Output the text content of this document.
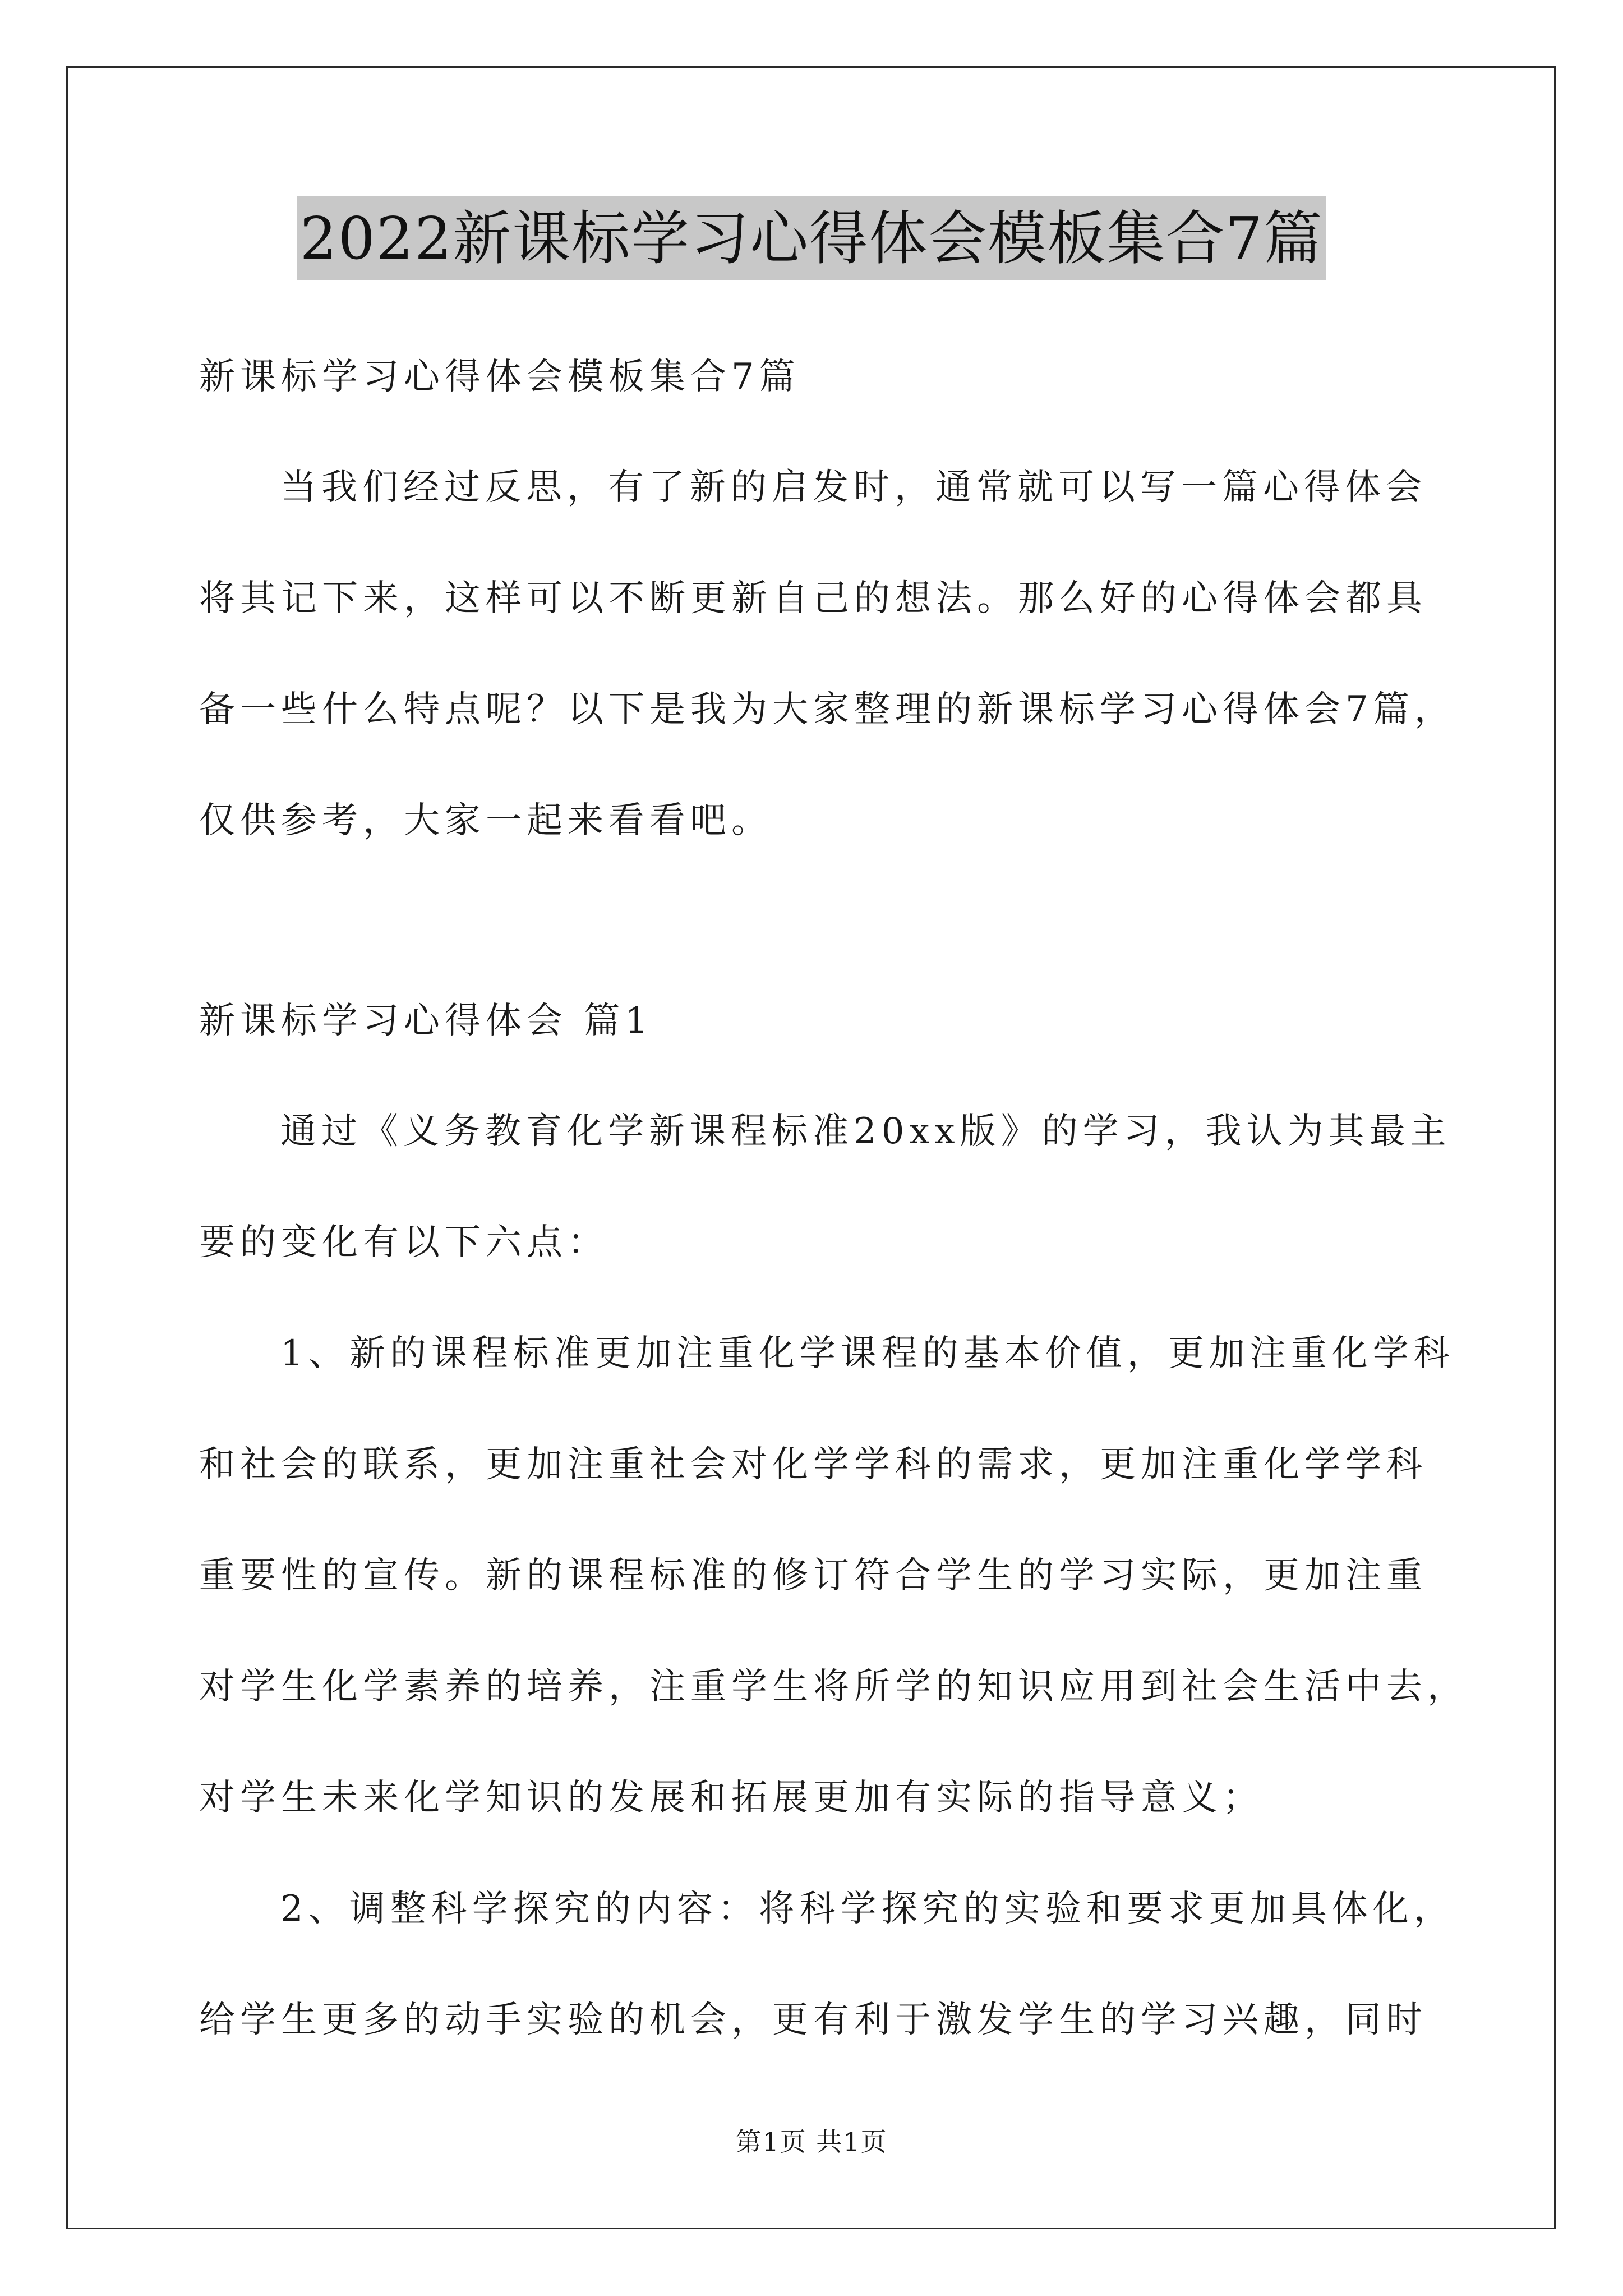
2022新课标学习心得体会模板集合7篇
新课标学习心得体会模板集合7篇
当我们经过反思，有了新的启发时，通常就可以写一篇心得体会
将其记下来，这样可以不断更新自己的想法。那么好的心得体会都具
备一些什么特点呢？以下是我为大家整理的新课标学习心得体会7篇，
仅供参考，大家一起来看看吧。
新课标学习心得体会 篇1
通过《义务教育化学新课程标准20xx版》的学习，我认为其最主
要的变化有以下六点：
1、新的课程标准更加注重化学课程的基本价值，更加注重化学科
和社会的联系，更加注重社会对化学学科的需求，更加注重化学学科
重要性的宣传。新的课程标准的修订符合学生的学习实际，更加注重
对学生化学素养的培养，注重学生将所学的知识应用到社会生活中去，
对学生未来化学知识的发展和拓展更加有实际的指导意义；
2、调整科学探究的内容：将科学探究的实验和要求更加具体化，
给学生更多的动手实验的机会，更有利于激发学生的学习兴趣，同时
第1页 共1页
